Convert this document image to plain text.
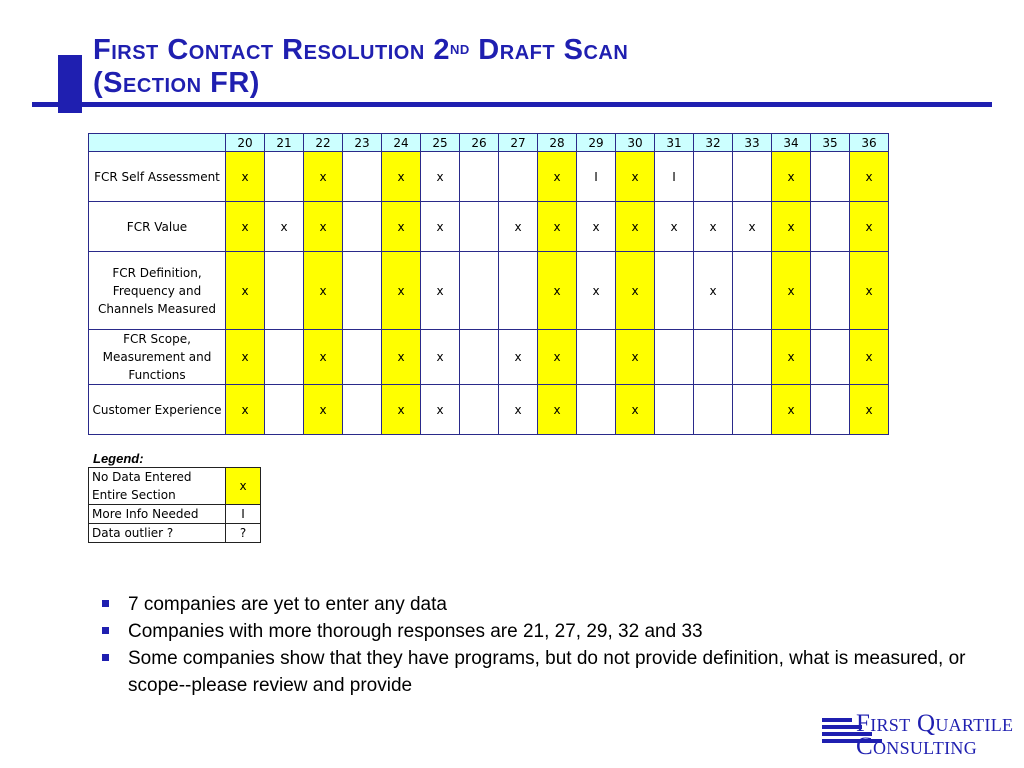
First Contact Resolution 2nd Draft Scan
(Section FR)
	20	21	22	23	24	25	26	27	28	29	30	31	32	33	34	35	36
FCR Self Assessment	x		x		x	x			x	I	x	I			x		x
FCR Value	x	x	x		x	x		x	x	x	x	x	x	x	x		x
FCR Definition, Frequency and Channels Measured	x		x		x	x			x	x	x		x		x		x
FCR Scope, Measurement and Functions	x		x		x	x		x	x		x				x		x
Customer Experience	x		x		x	x		x	x		x				x		x
Legend:
No Data Entered Entire Section	x
More Info Needed	I
Data outlier ?	?
7 companies are yet to enter any data
Companies with more thorough responses are 21, 27, 29, 32 and 33
Some companies show that they have programs, but do not provide definition, what is measured, or scope--please review and provide
First Quartile
Consulting
